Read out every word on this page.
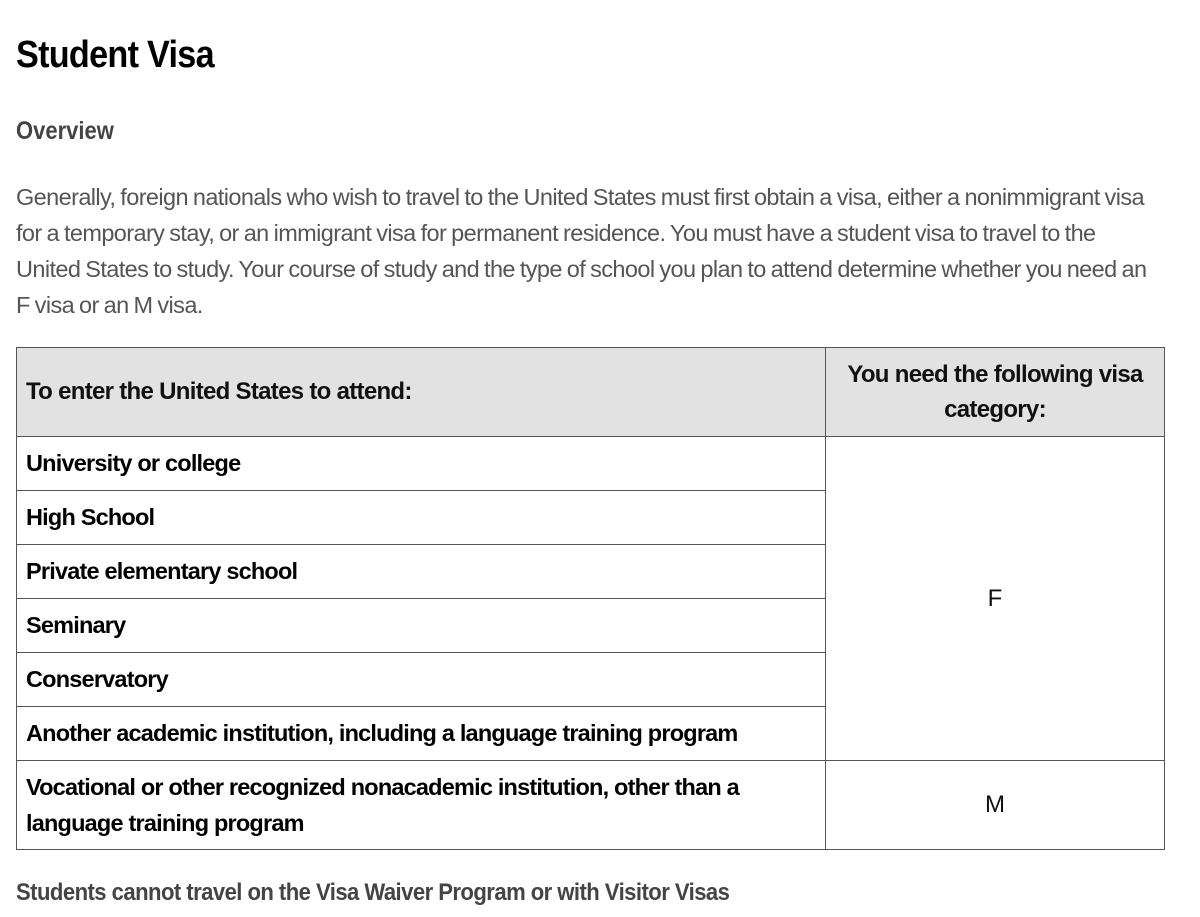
Student Visa
Overview

Generally, foreign nationals who wish to travel to the United States must first obtain a visa, either a nonimmigrant visa for a temporary stay, or an immigrant visa for permanent residence. You must have a student visa to travel to the United States to study. Your course of study and the type of school you plan to attend determine whether you need an F visa or an M visa.

To enter the United States to attend:	You need the following visa category:
University or college	F
High School	
Private elementary school	
Seminary	
Conservatory	
Another academic institution, including a language training program	
Vocational or other recognized nonacademic institution, other than a language training program	M

Students cannot travel on the Visa Waiver Program or with Visitor Visas
